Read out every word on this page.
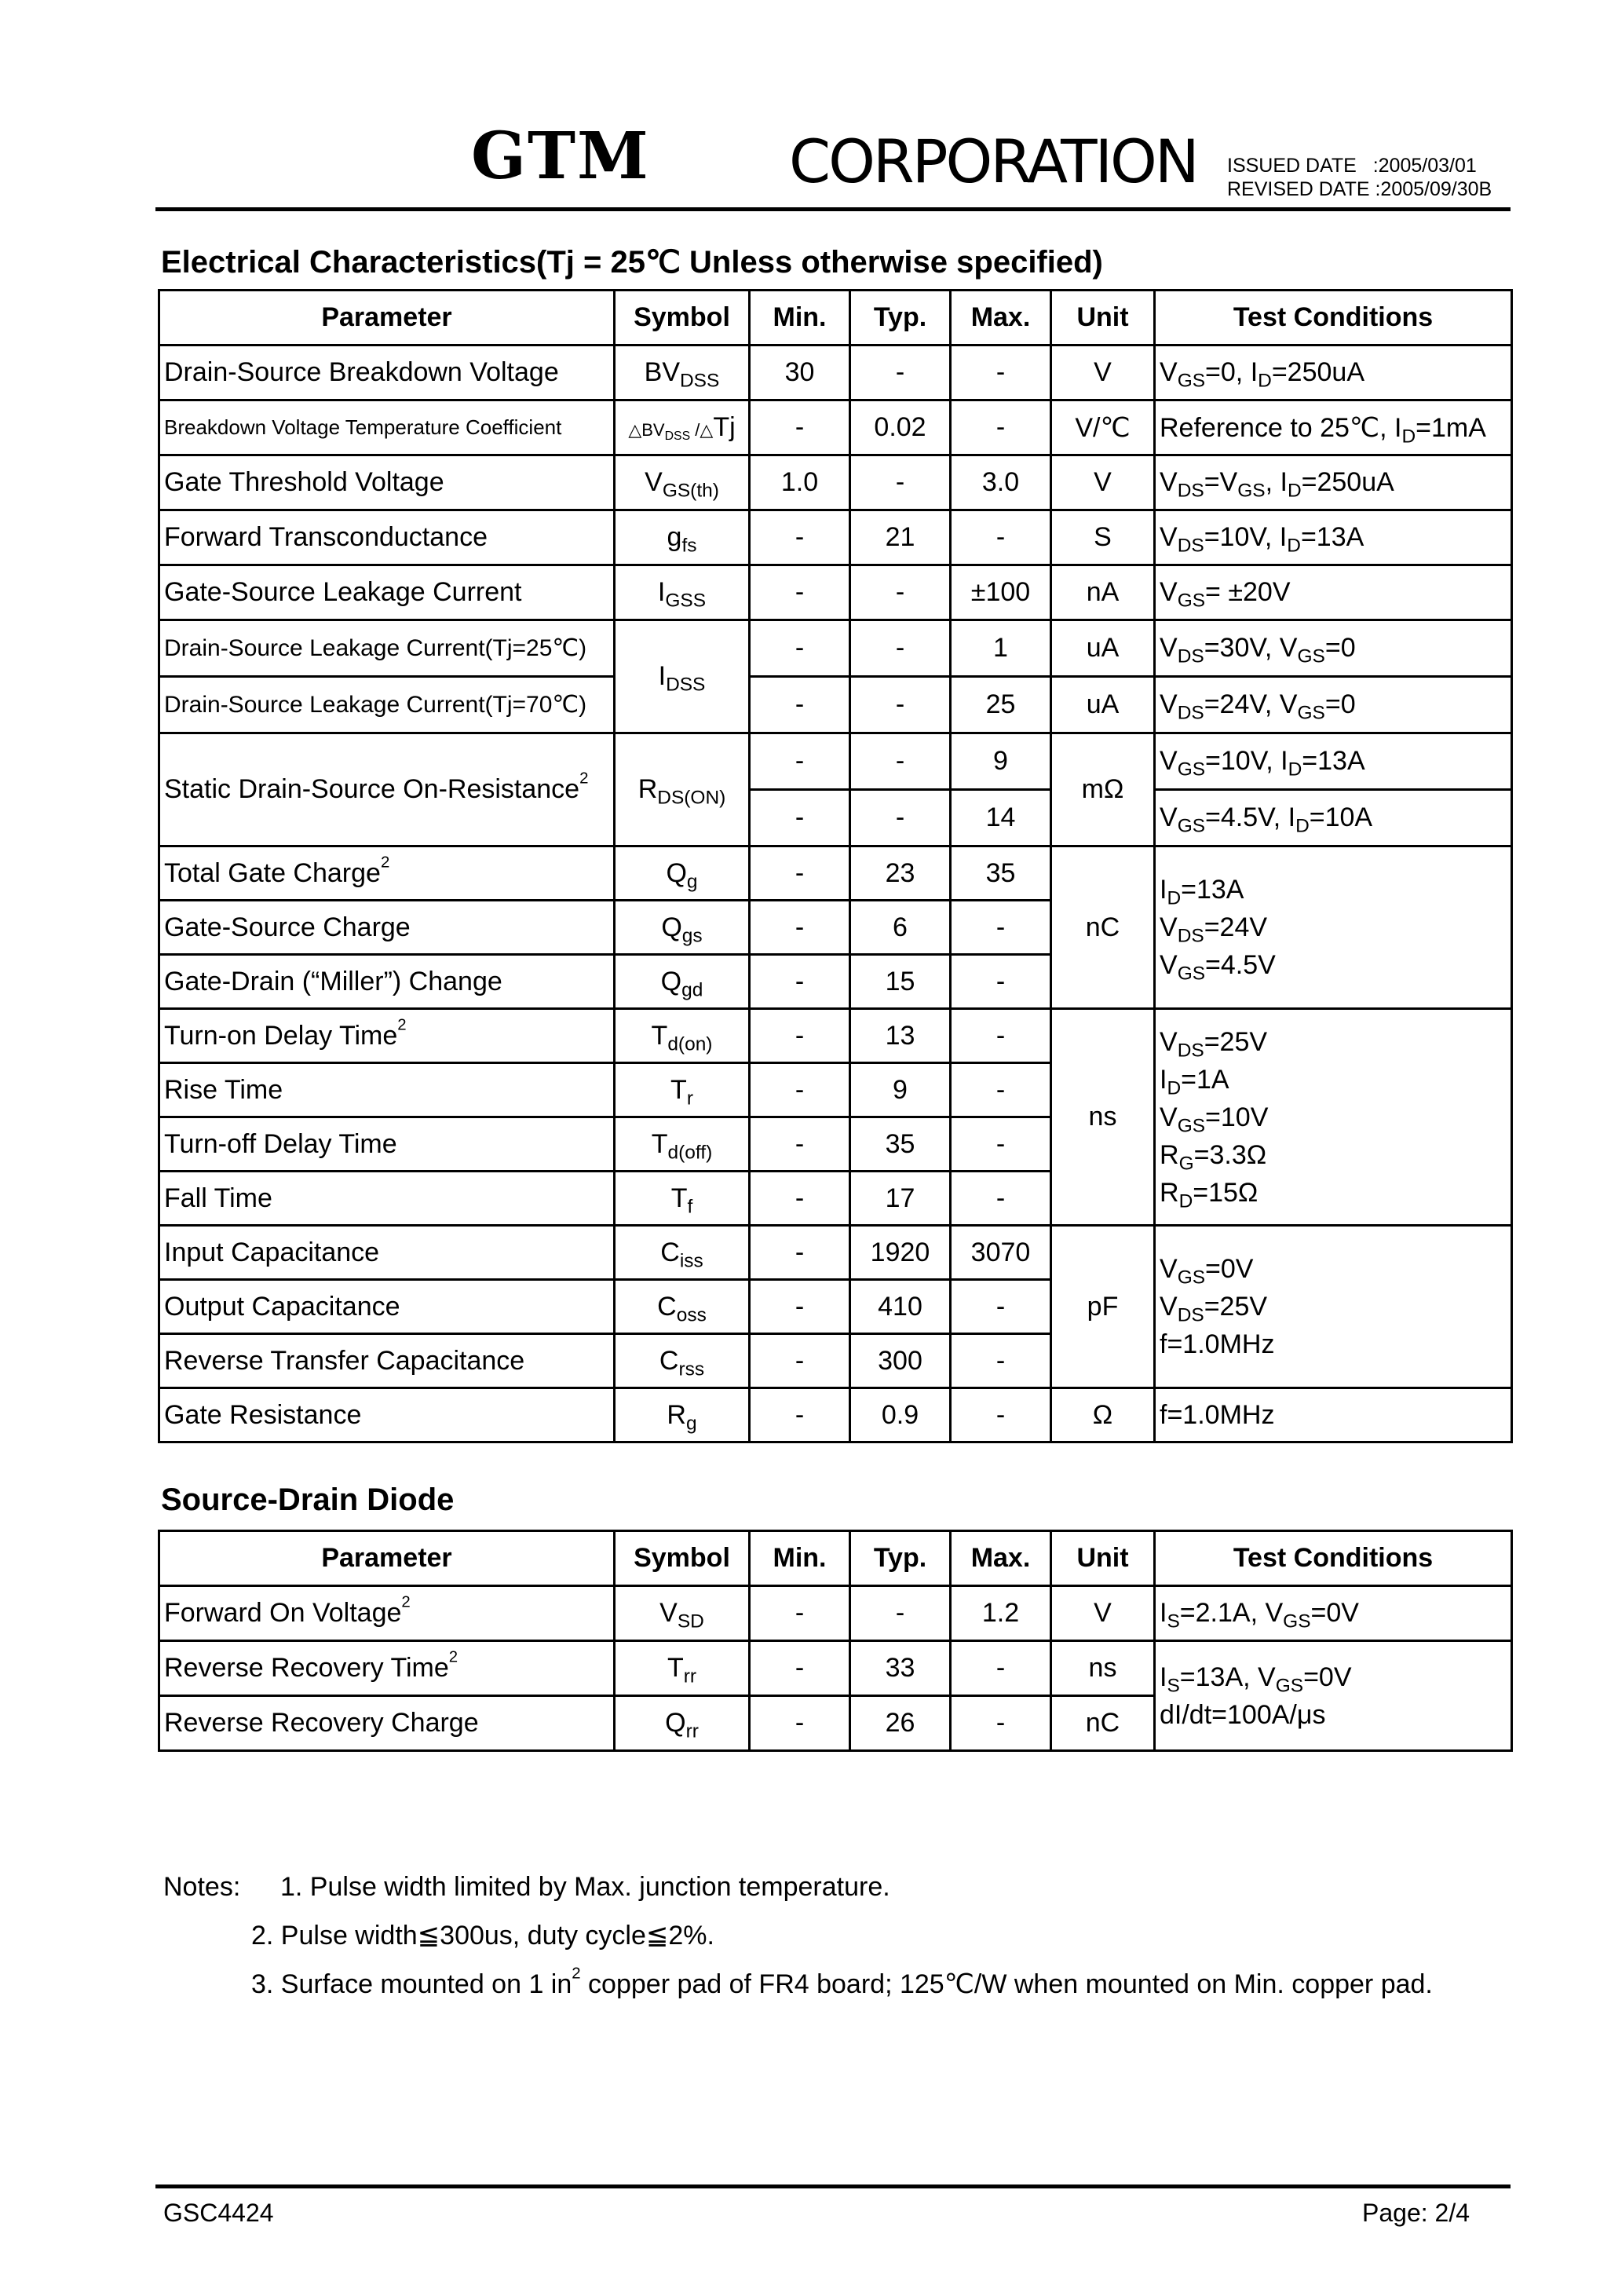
GTM CORPORATION ISSUED DATE :2005/03/01
REVISED DATE :2005/09/30B
Electrical Characteristics(Tj = 25℃ Unless otherwise specified)
Parameter	Symbol	Min.	Typ.	Max.	Unit	Test Conditions
Drain-Source Breakdown Voltage	$BV_{DSS}$	30	-	-	V	$V_{GS}=0$, $I_D=250uA$
Breakdown Voltage Temperature Coefficient	$\triangle BV_{DSS}$ /△Tj	-	0.02	-	V/℃	Reference to 25℃, $I_D=1mA$
Gate Threshold Voltage	$V_{GS(th)}$	1.0	-	3.0	V	$V_{DS}=V_{GS}$, $I_D=250uA$
Forward Transconductance	$g_{fs}$	-	21	-	S	$V_{DS}=10V$, $I_D=13A$
Gate-Source Leakage Current	$I_{GSS}$	-	-	±100	nA	$V_{GS}= \pm 20V$
Drain-Source Leakage Current(Tj=25℃)	$I_{DSS}$	-	-	1	uA	$V_{DS}=30V$, $V_{GS}=0$
Drain-Source Leakage Current(Tj=70℃)		-	-	25	uA	$V_{DS}=24V$, $V_{GS}=0$
Static Drain-Source On-Resistance$^2$	$R_{DS(ON)}$	-	-	9	mΩ	$V_{GS}=10V$, $I_D=13A$
		-	-	14		$V_{GS}=4.5V$, $I_D=10A$
Total Gate Charge$^2$	$Q_g$	-	23	35	nC	$I_D=13A$
$V_{DS}=24V$
$V_{GS}=4.5V$

Gate-Source Charge	$Q_{gs}$	-	6	-		
Gate-Drain (“Miller”) Change	$Q_{gd}$	-	15	-		
Turn-on Delay Time$^2$	$T_{d(on)}$	-	13	-	ns	$V_{DS}=25V$
$I_D=1A$
$V_{GS}=10V$
$R_G=3.3\Omega$
$R_D=15\Omega$

Rise Time	$T_r$	-	9	-		
Turn-off Delay Time	$T_{d(off)}$	-	35	-		
Fall Time	$T_f$	-	17	-		
Input Capacitance	$C_{iss}$	-	1920	3070	pF	$V_{GS}=0V$
$V_{DS}=25V$
f=1.0MHz

Output Capacitance	$C_{oss}$	-	410	-		
Reverse Transfer Capacitance	$C_{rss}$	-	300	-		
Gate Resistance	$R_g$	-	0.9	-	Ω	f=1.0MHz
Source-Drain Diode
Parameter	Symbol	Min.	Typ.	Max.	Unit	Test Conditions
Forward On Voltage$^2$	$V_{SD}$	-	-	1.2	V	$I_S=2.1A$, $V_{GS}=0V$
Reverse Recovery Time$^2$	$T_{rr}$	-	33	-	ns	$I_S=13A$, $V_{GS}=0V$
dI/dt=100A/μs

Reverse Recovery Charge	$Q_{rr}$	-	26	-	nC	
Notes: 1. Pulse width limited by Max. junction temperature.
2. Pulse width≦300us, duty cycle≦2%.
3. Surface mounted on 1 $in^2$ copper pad of FR4 board; 125℃/W when mounted on Min. copper pad.
GSC4424	Page: 2/4
